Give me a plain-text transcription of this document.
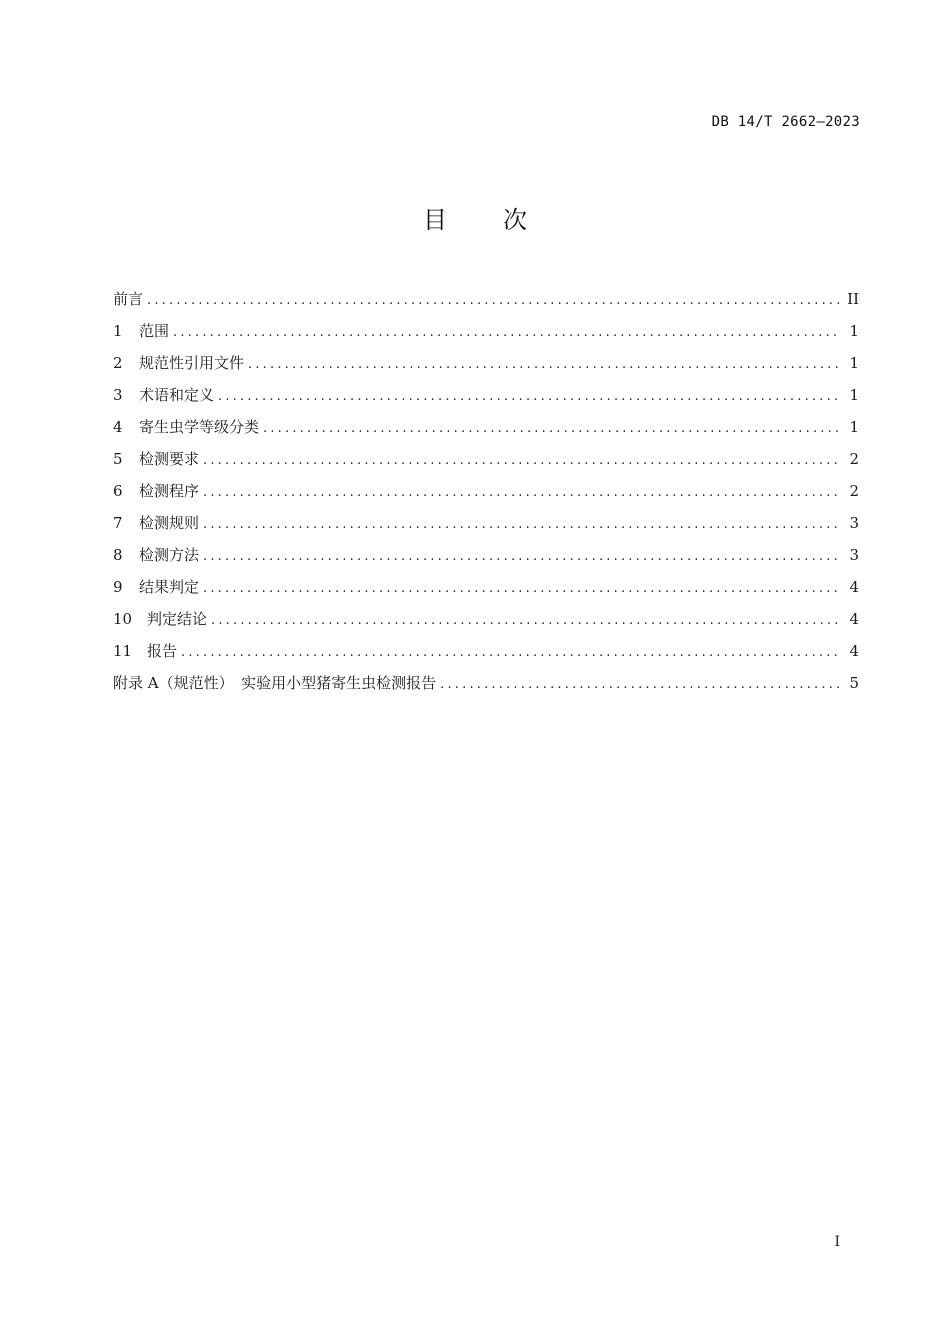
DB 14/T 2662—2023
目次
前言 .....	II
1	范围 .....	1
2	规范性引用文件 .....	1
3	术语和定义 .....	1
4	寄生虫学等级分类 .....	1
5	检测要求 .....	2
6	检测程序 .....	2
7	检测规则 .....	3
8	检测方法 .....	3
9	结果判定 .....	4
10 判定结论 .....	4
11 报告 .....	4
附录 A（规范性）　实验用小型猪寄生虫检测报告 .....	5
I
